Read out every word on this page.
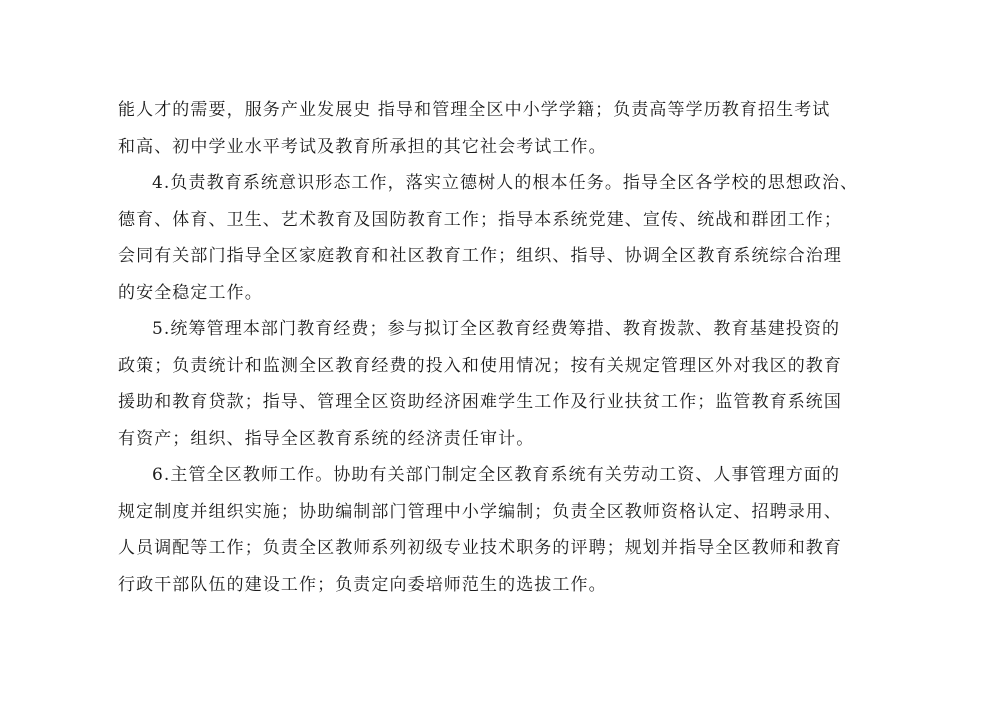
能人才的需要，服务产业发展史 指导和管理全区中小学学籍；负责高等学历教育招生考试
和高、初中学业水平考试及教育所承担的其它社会考试工作。
4.负责教育系统意识形态工作，落实立德树人的根本任务。指导全区各学校的思想政治、
德育、体育、卫生、艺术教育及国防教育工作；指导本系统党建、宣传、统战和群团工作；
会同有关部门指导全区家庭教育和社区教育工作；组织、指导、协调全区教育系统综合治理
的安全稳定工作。
5.统筹管理本部门教育经费；参与拟订全区教育经费筹措、教育拨款、教育基建投资的
政策；负责统计和监测全区教育经费的投入和使用情况；按有关规定管理区外对我区的教育
援助和教育贷款；指导、管理全区资助经济困难学生工作及行业扶贫工作；监管教育系统国
有资产；组织、指导全区教育系统的经济责任审计。
6.主管全区教师工作。协助有关部门制定全区教育系统有关劳动工资、人事管理方面的
规定制度并组织实施；协助编制部门管理中小学编制；负责全区教师资格认定、招聘录用、
人员调配等工作；负责全区教师系列初级专业技术职务的评聘；规划并指导全区教师和教育
行政干部队伍的建设工作；负责定向委培师范生的选拔工作。
